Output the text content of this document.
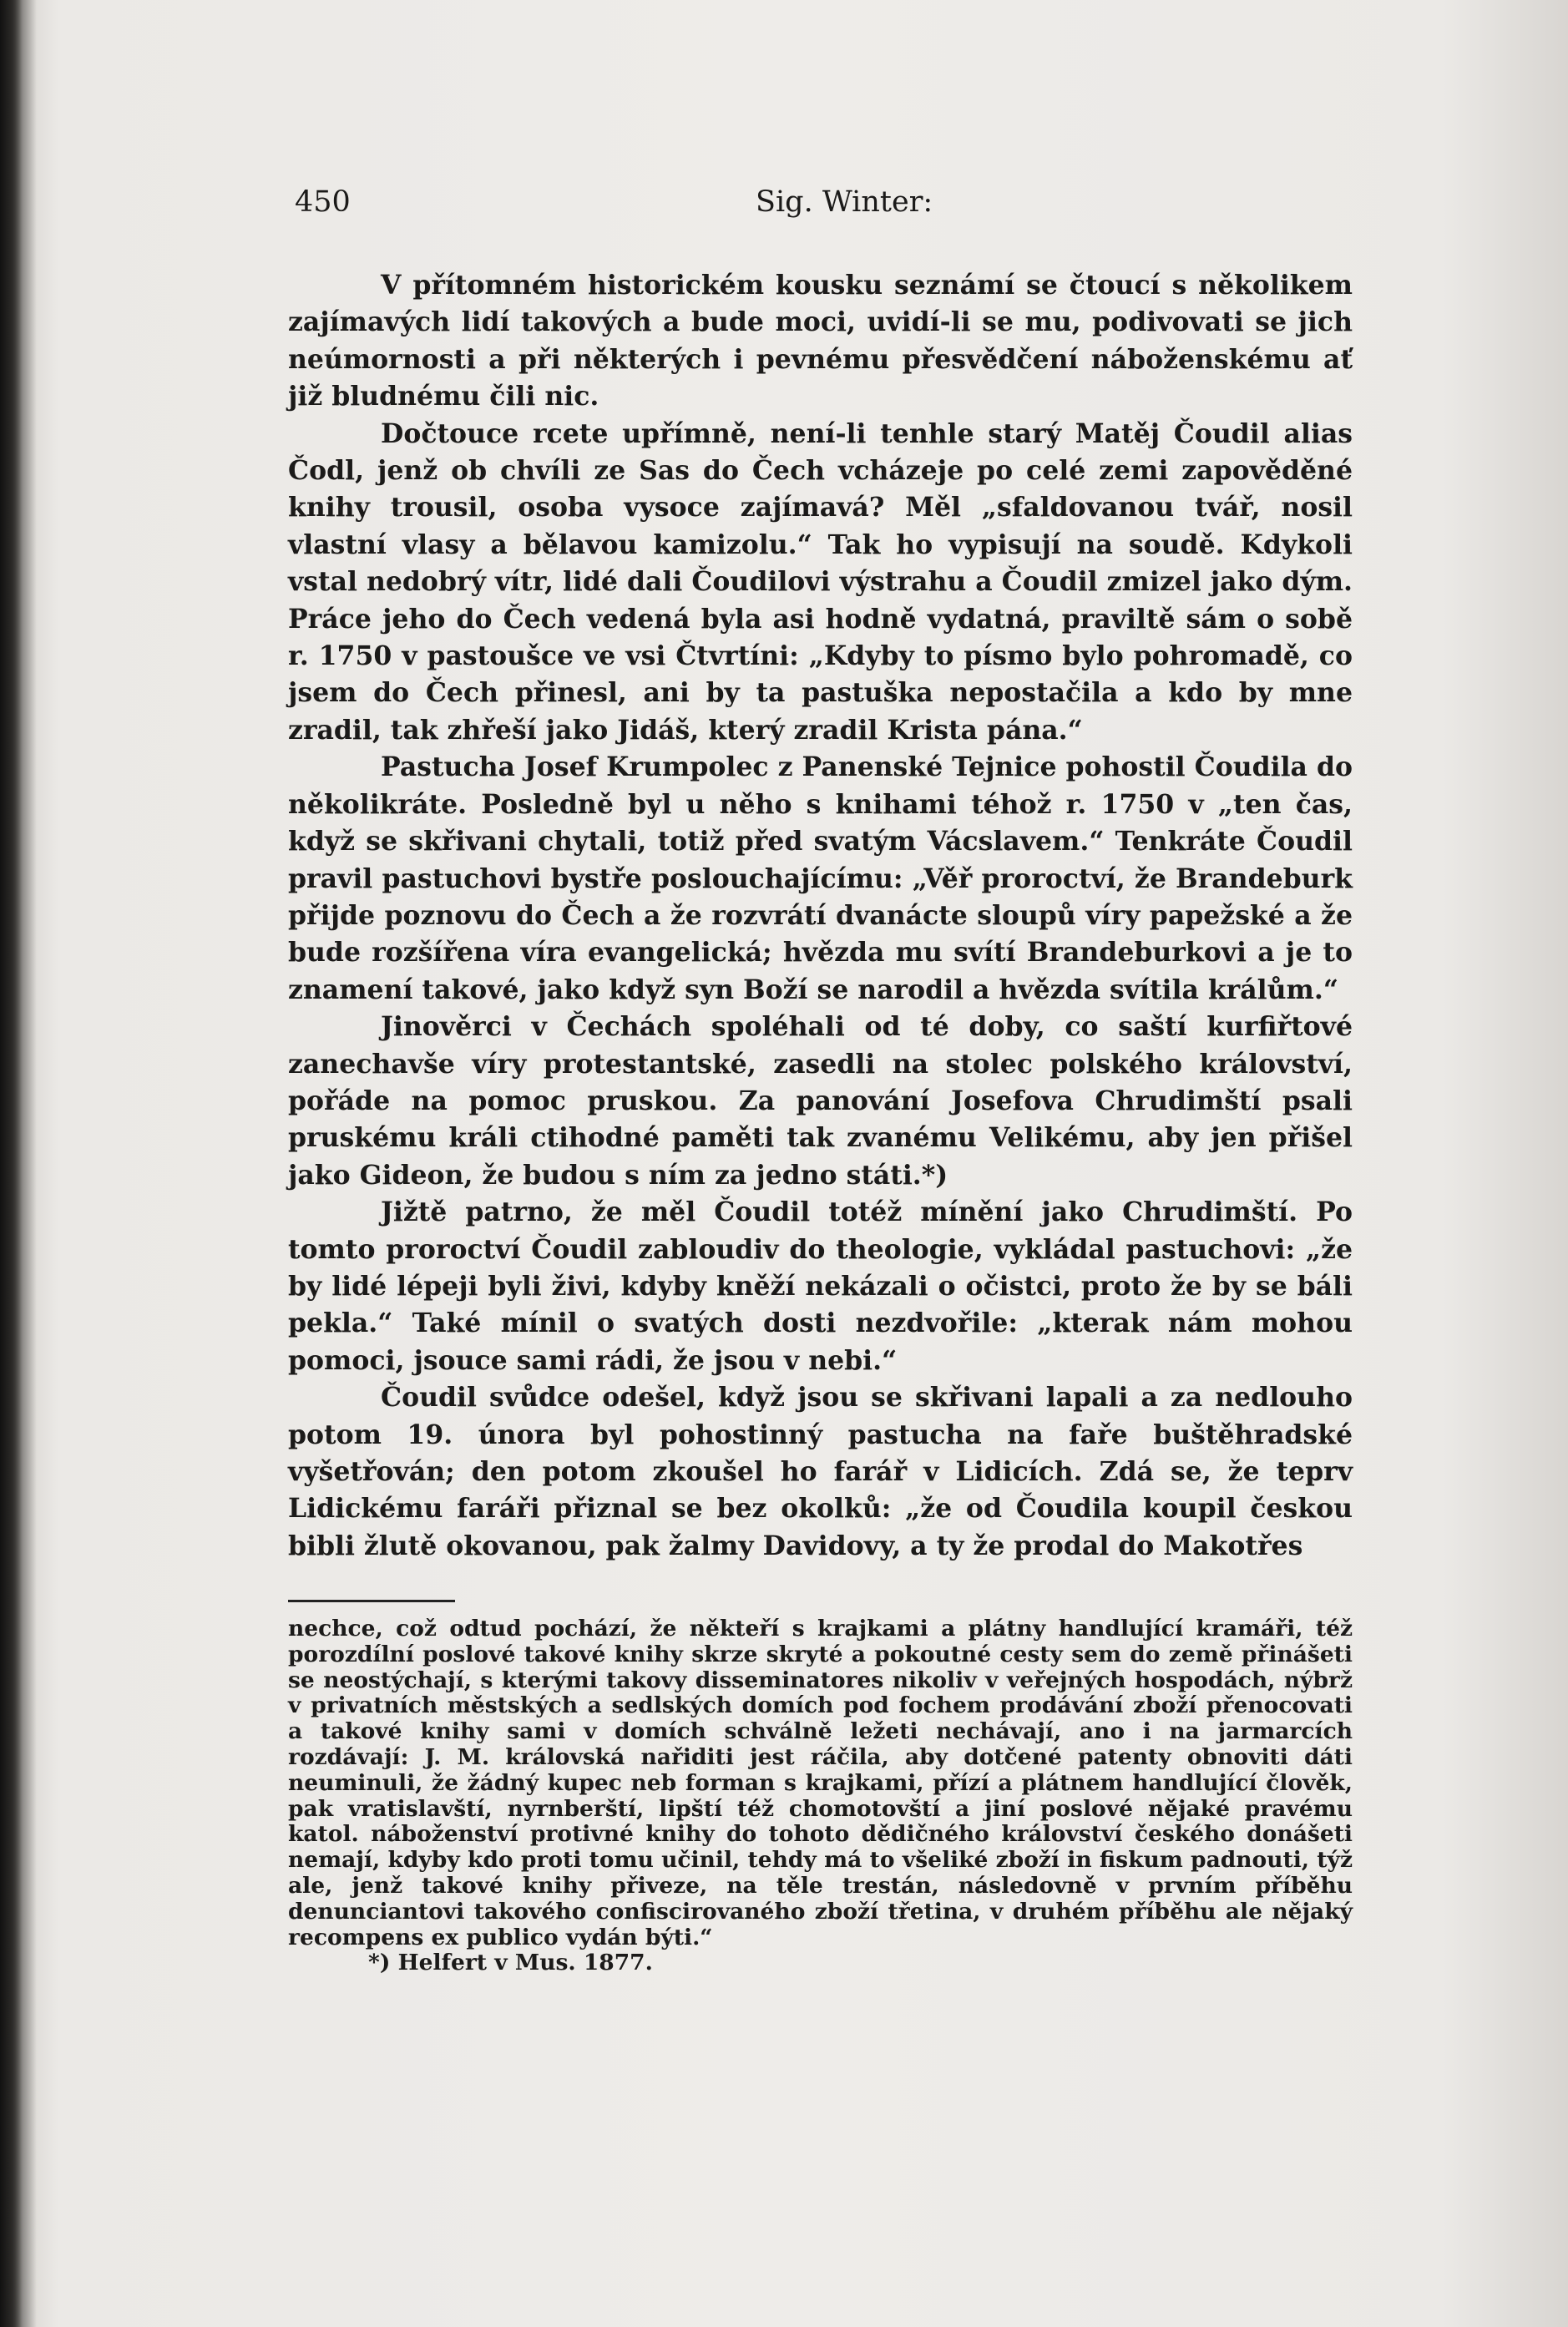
450	Sig. Winter:

V přítomném historickém kousku seznámí se čtoucí s několikem zajímavých lidí takových a bude moci, uvidí-li se mu, podivovati se jich neúmornosti a při některých i pevnému přesvědčení náboženskému ať již bludnému čili nic.

Dočtouce rcete upřímně, není-li tenhle starý Matěj Čoudil alias Čodl, jenž ob chvíli ze Sas do Čech vcházeje po celé zemi zapověděné knihy trousil, osoba vysoce zajímavá? Měl „sfaldovanou tvář, nosil vlastní vlasy a bělavou kamizolu.“ Tak ho vypisují na soudě. Kdykoli vstal nedobrý vítr, lidé dali Čoudilovi výstrahu a Čoudil zmizel jako dým. Práce jeho do Čech vedená byla asi hodně vydatná, praviltě sám o sobě r. 1750 v pastoušce ve vsi Čtvrtíni: „Kdyby to písmo bylo pohromadě, co jsem do Čech přinesl, ani by ta pastuška nepostačila a kdo by mne zradil, tak zhřeší jako Jidáš, který zradil Krista pána.“

Pastucha Josef Krumpolec z Panenské Tejnice pohostil Čoudila do několikráte. Posledně byl u něho s knihami téhož r. 1750 v „ten čas, když se skřivani chytali, totiž před svatým Vácslavem.“ Tenkráte Čoudil pravil pastuchovi bystře poslouchajícímu: „Věř proroctví, že Brandeburk přijde poznovu do Čech a že rozvrátí dvanácte sloupů víry papežské a že bude rozšířena víra evangelická; hvězda mu svítí Brandeburkovi a je to znamení takové, jako když syn Boží se narodil a hvězda svítila králům.“

Jinověrci v Čechách spoléhali od té doby, co saští kurfiřtové zanechavše víry protestantské, zasedli na stolec polského království, pořáde na pomoc pruskou. Za panování Josefova Chrudimští psali pruskému králi ctihodné paměti tak zvanému Velikému, aby jen přišel jako Gideon, že budou s ním za jedno státi.*)

Jižtě patrno, že měl Čoudil totéž mínění jako Chrudimští. Po tomto proroctví Čoudil zabloudiv do theologie, vykládal pastuchovi: „že by lidé lépeji byli živi, kdyby kněží nekázali o očistci, proto že by se báli pekla.“ Také mínil o svatých dosti nezdvořile: „kterak nám mohou pomoci, jsouce sami rádi, že jsou v nebi.“

Čoudil svůdce odešel, když jsou se skřivani lapali a za nedlouho potom 19. února byl pohostinný pastucha na faře buštěhradské vyšetřován; den potom zkoušel ho farář v Lidicích. Zdá se, že teprv Lidickému faráři přiznal se bez okolků: „že od Čoudila koupil českou bibli žlutě okovanou, pak žalmy Davidovy, a ty že prodal do Makotřes

nechce, což odtud pochází, že někteří s krajkami a plátny handlující kramáři, též porozdílní poslové takové knihy skrze skryté a pokoutné cesty sem do země přinášeti se neostýchají, s kterými takovy disseminatores nikoliv v veřejných hospodách, nýbrž v privatních městských a sedlských domích pod fochem prodávání zboží přenocovati a takové knihy sami v domích schválně ležeti nechávají, ano i na jarmarcích rozdávají: J. M. královská nařiditi jest ráčila, aby dotčené patenty obnoviti dáti neuminuli, že žádný kupec neb forman s krajkami, přízí a plátnem handlující člověk, pak vratislavští, nyrnberští, lipští též chomotovští a jiní poslové nějaké pravému katol. náboženství protivné knihy do tohoto dědičného království českého donášeti nemají, kdyby kdo proti tomu učinil, tehdy má to všeliké zboží in fiskum padnouti, týž ale, jenž takové knihy přiveze, na těle trestán, následovně v prvním příběhu denunciantovi takového confiscirovaného zboží třetina, v druhém příběhu ale nějaký recompens ex publico vydán býti.“

*) Helfert v Mus. 1877.
